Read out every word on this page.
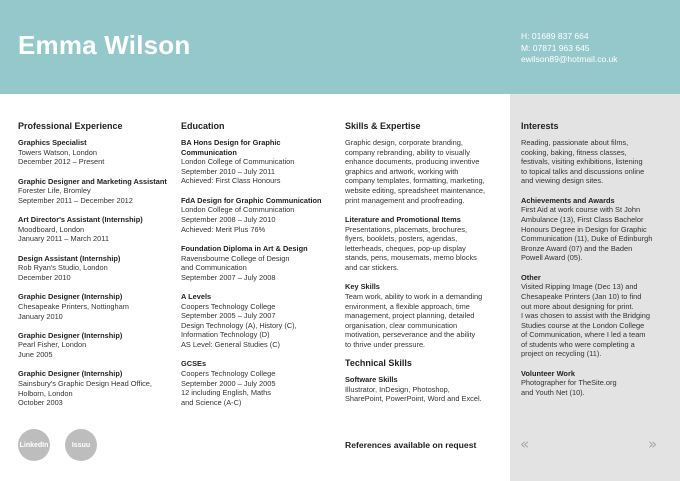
Emma Wilson	H: 01689 837 664
M: 07871 963 645
ewilson89@hotmail.co.uk
Professional Experience
Graphics Specialist
Towers Watson, London
December 2012 – Present
Graphic Designer and Marketing Assistant
Forester Life, Bromley
September 2011 – December 2012
Art Director's Assistant (Internship)
Moodboard, London
January 2011 – March 2011
Design Assistant (Internship)
Rob Ryan's Studio, London
December 2010
Graphic Designer (Internship)
Chesapeake Printers, Nottingham
January 2010
Graphic Designer (Internship)
Pearl Fisher, London
June 2005
Graphic Designer (Internship)
Sainsbury's Graphic Design Head Office,
Holborn, London
October 2003
Education
BA Hons Design for Graphic Communication
London College of Communication
September 2010 – July 2011
Achieved: First Class Honours
FdA Design for Graphic Communication
London College of Communication
September 2008 – July 2010
Achieved: Merit Plus 76%
Foundation Diploma in Art & Design
Ravensbourne College of Design
and Communication
September 2007 – July 2008
A Levels
Coopers Technology College
September 2005 – July 2007
Design Technology (A), History (C),
Information Technology (D)
AS Level: General Studies (C)
GCSEs
Coopers Technology College
September 2000 – July 2005
12 including English, Maths
and Science (A-C)
Skills & Expertise
Graphic design, corporate branding,
company rebranding, ability to visually
enhance documents, producing inventive
graphics and artwork, working with
company templates, formatting, marketing,
website editing, spreadsheet maintenance,
print management and proofreading.
Literature and Promotional Items
Presentations, placemats, brochures,
flyers, booklets, posters, agendas,
letterheads, cheques, pop-up display
stands, pens, mousemats, memo blocks
and car stickers.
Key Skills
Team work, ability to work in a demanding
environment, a flexible approach, time
management, project planning, detailed
organisation, clear communication
motivation, perseverance and the ability
to thrive under pressure.
Technical Skills
Software Skills
Illustrator, InDesign, Photoshop,
SharePoint, PowerPoint, Word and Excel.
Interests
Reading, passionate about films,
cooking, baking, fitness classes,
festivals, visiting exhibitions, listening
to topical talks and discussions online
and viewing design sites.
Achievements and Awards
First Aid at work course with St John
Ambulance (13), First Class Bachelor
Honours Degree in Design for Graphic
Communication (11), Duke of Edinburgh
Bronze Award (07) and the Baden
Powell Award (05).
Other
Visited Ripping Image (Dec 13) and
Chesapeake Printers (Jan 10) to find
out more about designing for print.
I was chosen to assist with the Bridging
Studies course at the London College
of Communication, where I led a team
of students who were completing a
project on recycling (11).
Volunteer Work
Photographer for TheSite.org
and Youth Net (10).
LinkedIn	Issuu	References available on request	«	»
